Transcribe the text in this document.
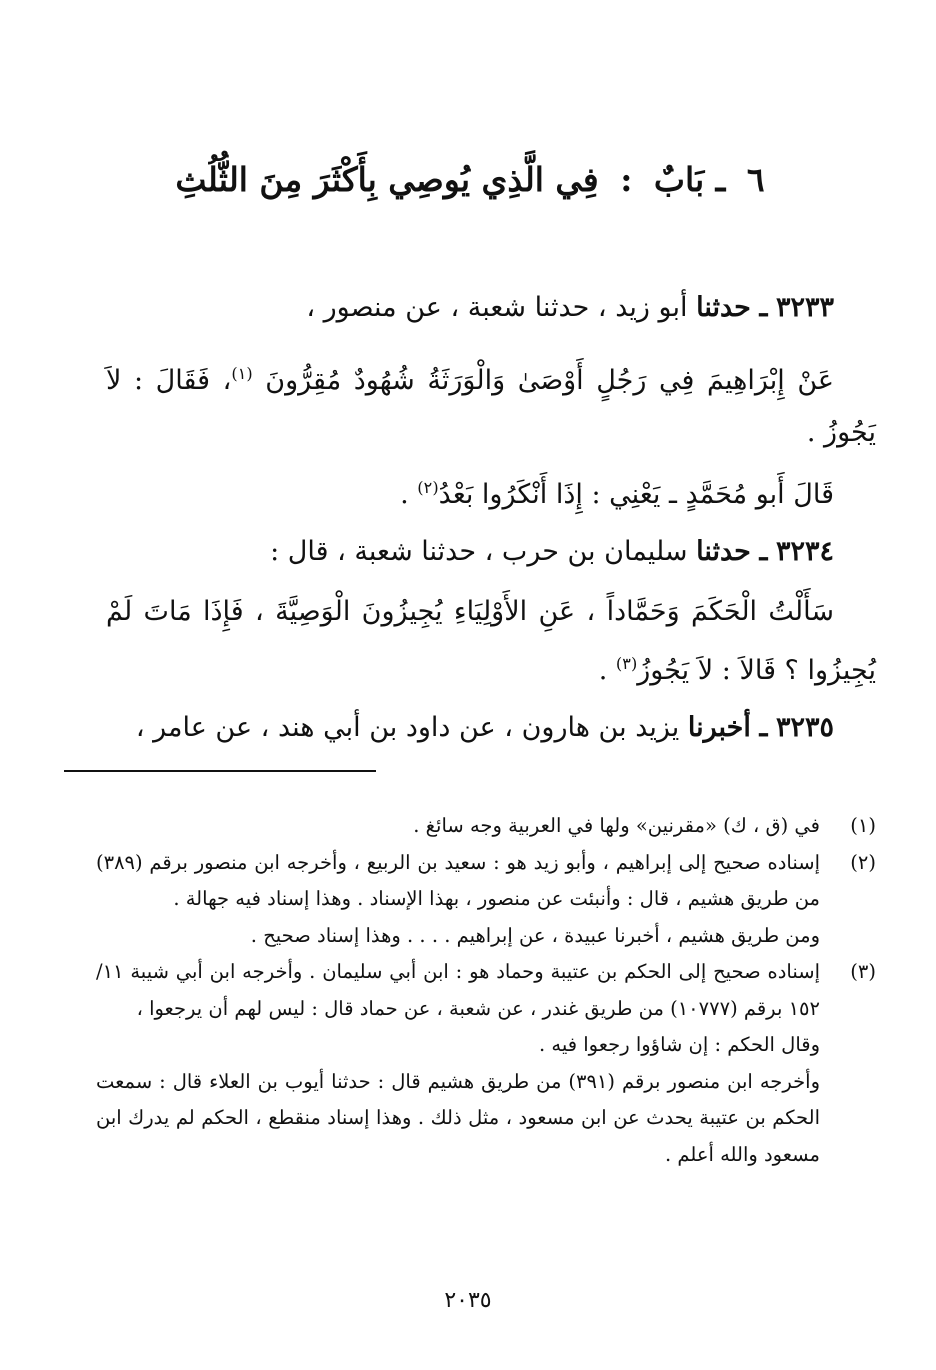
٦ ـ بَابٌ : فِي الَّذِي يُوصِي بِأَكْثَرَ مِنَ الثُّلُثِ
٣٢٣٣ ـ حدثنا أبو زيد ، حدثنا شعبة ، عن منصور ،
عَنْ إِبْرَاهِيمَ فِي رَجُلٍ أَوْصَىٰ وَالْوَرَثَةُ شُهُودٌ مُقِرُّونَ $^{(١)}$، فَقَالَ : لاَ يَجُوزُ .
قَالَ أَبو مُحَمَّدٍ ـ يَعْنِي : إِذَا أَنْكَرُوا بَعْدُ$^{(٢)}$ .
٣٢٣٤ ـ حدثنا سليمان بن حرب ، حدثنا شعبة ، قال :
سَأَلْتُ الْحَكَمَ وَحَمَّاداً ، عَنِ الأَوْلِيَاءِ يُجِيزُونَ الْوَصِيَّةَ ، فَإِذَا مَاتَ لَمْ يُجِيزُوا ؟ قَالاَ : لاَ يَجُوزُ$^{(٣)}$ .
٣٢٣٥ ـ أخبرنا يزيد بن هارون ، عن داود بن أبي هند ، عن عامر ،
(١)

في (ق ، ك) «مقرنين» ولها في العربية وجه سائغ .

(٢)

إسناده صحيح إلى إبراهيم ، وأبو زيد هو : سعيد بن الربيع ، وأخرجه ابن منصور برقم (٣٨٩) من طريق هشيم ، قال : وأنبئت عن منصور ، بهذا الإسناد . وهذا إسناد فيه جهالة .

ومن طريق هشيم ، أخبرنا عبيدة ، عن إبراهيم . . . . وهذا إسناد صحيح .

(٣)

إسناده صحيح إلى الحكم بن عتيبة وحماد هو : ابن أبي سليمان . وأخرجه ابن أبي شيبة ١١/ ١٥٢ برقم (١٠٧٧٧) من طريق غندر ، عن شعبة ، عن حماد قال : ليس لهم أن يرجعوا ،

وقال الحكم : إن شاؤوا رجعوا فيه .

وأخرجه ابن منصور برقم (٣٩١) من طريق هشيم قال : حدثنا أيوب بن العلاء قال : سمعت الحكم بن عتيبة يحدث عن ابن مسعود ، مثل ذلك . وهذا إسناد منقطع ، الحكم لم يدرك ابن مسعود والله أعلم .

٢٠٣٥
